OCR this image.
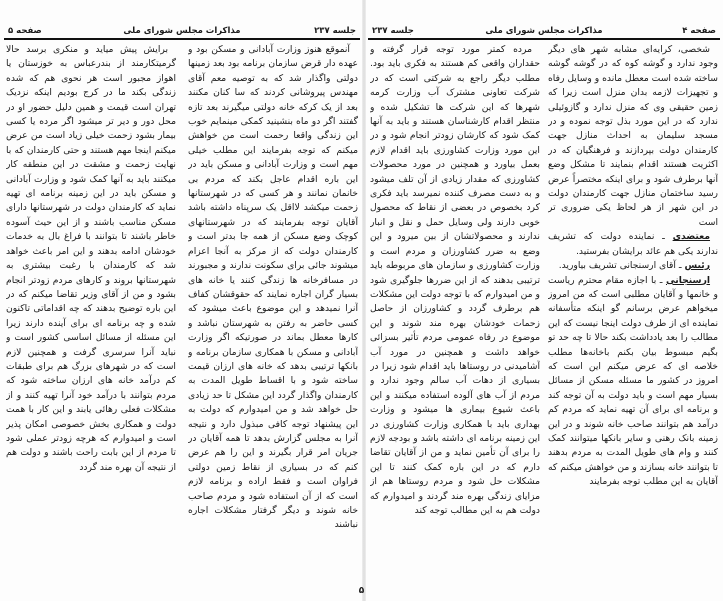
جلسه ۲۳۷
مذاکرات مجلس شورای ملی
صفحه ۵

آنموقع هنوز وزارت آبادانی و مسکن بود و عهده دار قرض سازمان برنامه بود بعد زمینها دولتی واگذار شد که به توصیه معم آقای مهندس پیروشانی کردند که سا کنان مکنند بعد از یک کرکه خانه دولتی میگیرند بعد تازه گفتند اگر دو ماه بنشینید کمکی مینمایم خوب این زندگی واقعا رحمت است من خواهش میکنم که توجه بفرمایند این مطلب خیلی مهم است و وزارت آبادانی و مسکن باید در این باره اقدام عاجل بکند که مردم بی خانمان نمانند و هر کسی که در شهرستانها زحمت میکشد لااقل یک سرپناه داشته باشد آقایان توجه بفرمایند که در شهرستانهای کوچک وضع مسکن از همه جا بدتر است و کارمندان دولت که از مرکز به آنجا اعزام میشوند جائی برای سکونت ندارند و مجبورند در مسافرخانه ها زندگی کنند یا خانه های بسیار گران اجاره نمایند که حقوقشان کفاف آنرا نمیدهد و این موضوع باعث میشود که کسی حاضر به رفتن به شهرستان نباشد و کارها معطل بماند در صورتیکه اگر وزارت آبادانی و مسکن با همکاری سازمان برنامه و بانکها ترتیبی بدهد که خانه های ارزان قیمت ساخته شود و با اقساط طویل المدت به کارمندان واگذار گردد این مشکل تا حد زیادی حل خواهد شد و من امیدوارم که دولت به این پیشنهاد توجه کافی مبذول دارد و نتیجه آنرا به مجلس گزارش بدهد تا همه آقایان در جریان امر قرار بگیرند و این را هم عرض کنم که در بسیاری از نقاط زمین دولتی فراوان است و فقط اراده و برنامه لازم است که از آن استفاده شود و مردم صاحب خانه شوند و دیگر گرفتار مشکلات اجاره نباشند

برایش پیش میاید و منکری برسد حالا گرمیتکارمند از بندرعباس به خوزستان یا اهواز مجبور است هر نحوی هم که شده زندگی بکند ما در کرج بودیم اینکه نزدیک تهران است قیمت و همین دلیل حضور او در محل دور و دیر تر میشود اگر مرده یا کسی بیمار بشود زحمت خیلی زیاد است من عرض میکنم اینجا مهم هستند و حتی کارمندان که با نهایت زحمت و مشقت در این منطقه کار میکنند باید به آنها کمک شود و وزارت آبادانی و مسکن باید در این زمینه برنامه ای تهیه نماید که کارمندان دولت در شهرستانها دارای مسکن مناسب باشند و از این حیث آسوده خاطر باشند تا بتوانند با فراغ بال به خدمات خودشان ادامه بدهند و این امر باعث خواهد شد که کارمندان با رغبت بیشتری به شهرستانها بروند و کارهای مردم زودتر انجام بشود و من از آقای وزیر تقاضا میکنم که در این باره توضیح بدهند که چه اقداماتی تاکنون شده و چه برنامه ای برای آینده دارند زیرا این مسئله از مسائل اساسی کشور است و نباید آنرا سرسری گرفت و همچنین لازم است که در شهرهای بزرگ هم برای طبقات کم درآمد خانه های ارزان ساخته شود که مردم بتوانند با درآمد خود آنرا تهیه کنند و از مشکلات فعلی رهائی یابند و این کار با همت دولت و همکاری بخش خصوصی امکان پذیر است و امیدوارم که هرچه زودتر عملی شود تا مردم از این بابت راحت باشند و دولت هم از نتیجه آن بهره مند گردد

صفحه ۴
مذاکرات مجلس شورای ملی
جلسه ۲۳۷

شخصی، کرایه‌ای مشابه شهر های دیگر وجود ندارد و گوشه کوه که در گوشه گوشه ساخته شده است معطل مانده و وسایل رفاه و تجهیزات لازمه بدان منزل است زیرا که زمین حقیقی وی که منزل ندارد و گازوئیلی ندارد که در این مورد بذل توجه نموده و در مسجد سلیمان به احداث منازل جهت کارمندان دولت بپردازند و فرهنگیان که در اکثریت هستند اقدام بنمایند تا مشکل وضع آنها برطرف شود و برای اینکه مختصراً عرض رسید ساختمان منازل جهت کارمندان دولت در این شهر از هر لحاظ یکی ضروری تر است

معتضدی ـ نماینده دولت که تشریف ندارند یکی هم عائد برایشان بفرستید.

رئیس ـ آقای ارسنجانی تشریف بیاورید.

ارسنجانی ـ با اجازه مقام محترم ریاست و خانمها و آقایان مطلبی است که من امروز میخواهم عرض برسانم گو اینکه متأسفانه نماینده ای از طرف دولت اینجا نیست که این مطالب را بعد یادداشت بکند حالا تا چه حد تو بگیم مبسوط بیان بکنم باخانه‌ها مطلب خلاصه ای که عرض میکنم این است که امروز در کشور ما مسئله مسکن از مسائل بسیار مهم است و باید دولت به آن توجه کند و برنامه ای برای آن تهیه نماید که مردم کم درآمد هم بتوانند صاحب خانه شوند و در این زمینه بانک رهنی و سایر بانکها میتوانند کمک کنند و وام های طویل المدت به مردم بدهند تا بتوانند خانه بسازند و من خواهش میکنم که آقایان به این مطلب توجه بفرمایند

مرده کمتر مورد توجه قرار گرفته و حقداران واقعی کم هستند به فکری باید بود. مطلب دیگر راجع به شرکتی است که در شرکت تعاونی مشترک آب وزارت کرمه شهرها که این شرکت ها تشکیل شده و منتظر اقدام کارشناسان هستند و باید به آنها کمک شود که کارشان زودتر انجام شود و در این مورد وزارت کشاورزی باید اقدام لازم بعمل بیاورد و همچنین در مورد محصولات کشاورزی که مقدار زیادی از آن تلف میشود و به دست مصرف کننده نمیرسد باید فکری کرد بخصوص در بعضی از نقاط که محصول خوبی دارند ولی وسایل حمل و نقل و انبار ندارند و محصولاتشان از بین میرود و این وضع به ضرر کشاورزان و مردم است و وزارت کشاورزی و سازمان های مربوطه باید ترتیبی بدهند که از این ضررها جلوگیری شود و من امیدوارم که با توجه دولت این مشکلات هم برطرف گردد و کشاورزان از حاصل زحمات خودشان بهره مند شوند و این موضوع در رفاه عمومی مردم تأثیر بسزائی خواهد داشت و همچنین در مورد آب آشامیدنی در روستاها باید اقدام شود زیرا در بسیاری از دهات آب سالم وجود ندارد و مردم از آب های آلوده استفاده میکنند و این باعث شیوع بیماری ها میشود و وزارت بهداری باید با همکاری وزارت کشاورزی در این زمینه برنامه ای داشته باشد و بودجه لازم را برای آن تأمین نماید و من از آقایان تقاضا دارم که در این باره کمک کنند تا این مشکلات حل شود و مردم روستاها هم از مزایای زندگی بهره مند گردند و امیدوارم که دولت هم به این مطالب توجه کند

۵
